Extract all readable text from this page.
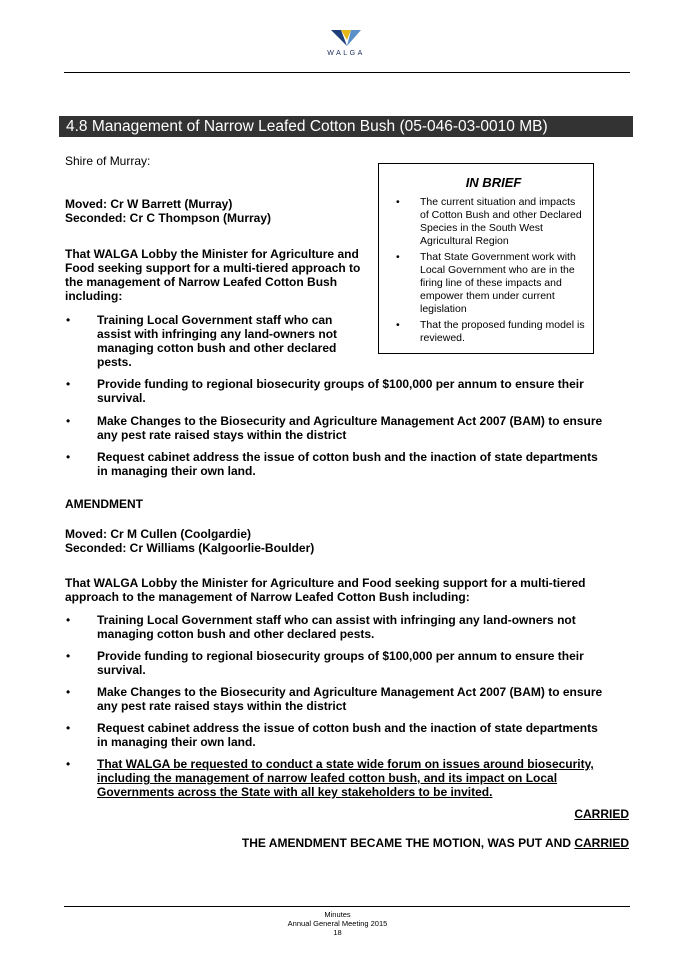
WALGA
4.8 Management of Narrow Leafed Cotton Bush (05-046-03-0010 MB)
Shire of Murray:
IN BRIEF
• The current situation and impacts of Cotton Bush and other Declared Species in the South West Agricultural Region
• That State Government work with Local Government who are in the firing line of these impacts and empower them under current legislation
• That the proposed funding model is reviewed.
Moved: Cr W Barrett (Murray)
Seconded: Cr C Thompson (Murray)
That WALGA Lobby the Minister for Agriculture and
Food seeking support for a multi-tiered approach to
the management of Narrow Leafed Cotton Bush
including:
• Training Local Government staff who can
assist with infringing any land-owners not
managing cotton bush and other declared
pests.
• Provide funding to regional biosecurity groups of $100,000 per annum to ensure their
survival.
• Make Changes to the Biosecurity and Agriculture Management Act 2007 (BAM) to ensure
any pest rate raised stays within the district
• Request cabinet address the issue of cotton bush and the inaction of state departments
in managing their own land.
AMENDMENT
Moved: Cr M Cullen (Coolgardie)
Seconded: Cr Williams (Kalgoorlie-Boulder)
That WALGA Lobby the Minister for Agriculture and Food seeking support for a multi-tiered
approach to the management of Narrow Leafed Cotton Bush including:
• Training Local Government staff who can assist with infringing any land-owners not
managing cotton bush and other declared pests.
• Provide funding to regional biosecurity groups of $100,000 per annum to ensure their
survival.
• Make Changes to the Biosecurity and Agriculture Management Act 2007 (BAM) to ensure
any pest rate raised stays within the district
• Request cabinet address the issue of cotton bush and the inaction of state departments
in managing their own land.
• That WALGA be requested to conduct a state wide forum on issues around biosecurity,
including the management of narrow leafed cotton bush, and its impact on Local
Governments across the State with all key stakeholders to be invited.
CARRIED
THE AMENDMENT BECAME THE MOTION, WAS PUT AND CARRIED
Minutes
Annual General Meeting 2015
18
